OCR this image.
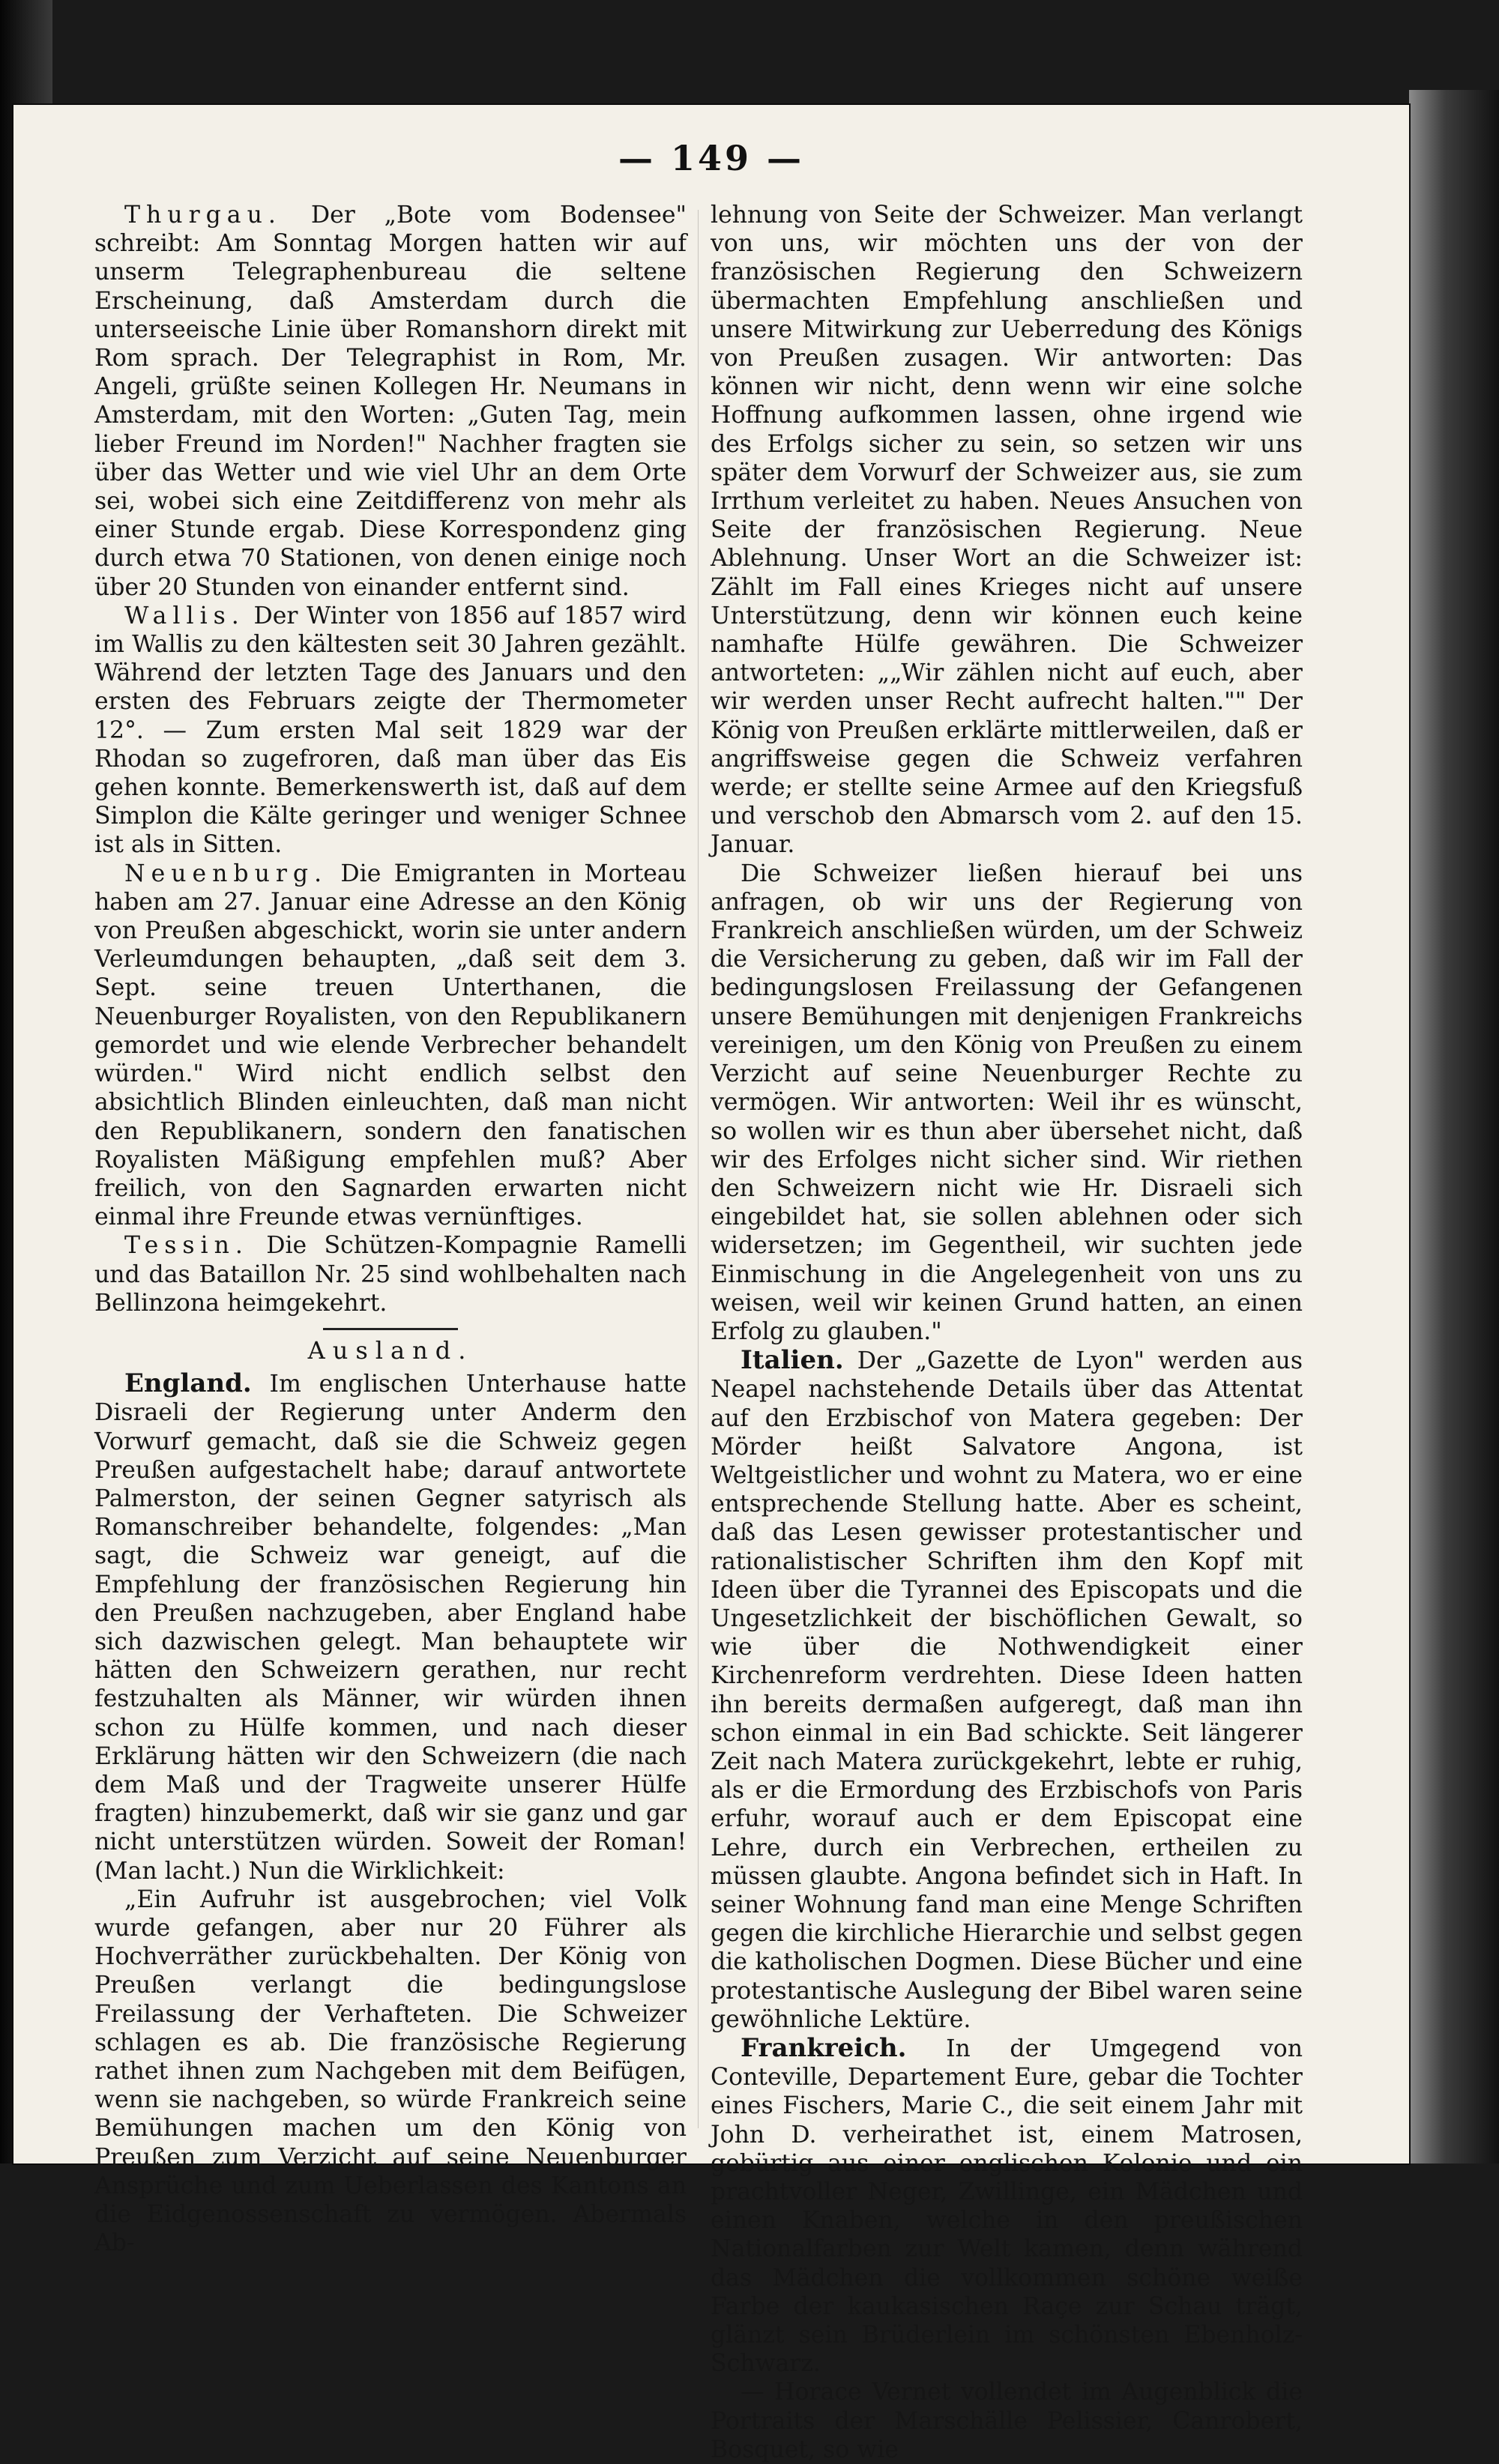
— 149 —

Thurgau. Der „Bote vom Bodensee" schreibt: Am Sonntag Morgen hatten wir auf unserm Telegraphenbureau die seltene Erscheinung, daß Amsterdam durch die unterseeische Linie über Romanshorn direkt mit Rom sprach. Der Telegraphist in Rom, Mr. Angeli, grüßte seinen Kollegen Hr. Neumans in Amsterdam, mit den Worten: „Guten Tag, mein lieber Freund im Norden!" Nachher fragten sie über das Wetter und wie viel Uhr an dem Orte sei, wobei sich eine Zeitdifferenz von mehr als einer Stunde ergab. Diese Korrespondenz ging durch etwa 70 Stationen, von denen einige noch über 20 Stunden von einander entfernt sind.

Wallis. Der Winter von 1856 auf 1857 wird im Wallis zu den kältesten seit 30 Jahren gezählt. Während der letzten Tage des Januars und den ersten des Februars zeigte der Thermometer 12°. — Zum ersten Mal seit 1829 war der Rhodan so zugefroren, daß man über das Eis gehen konnte. Bemerkenswerth ist, daß auf dem Simplon die Kälte geringer und weniger Schnee ist als in Sitten.

Neuenburg. Die Emigranten in Morteau haben am 27. Januar eine Adresse an den König von Preußen abgeschickt, worin sie unter andern Verleumdungen behaupten, „daß seit dem 3. Sept. seine treuen Unterthanen, die Neuenburger Royalisten, von den Republikanern gemordet und wie elende Verbrecher behandelt würden." Wird nicht endlich selbst den absichtlich Blinden einleuchten, daß man nicht den Republikanern, sondern den fanatischen Royalisten Mäßigung empfehlen muß? Aber freilich, von den Sagnarden erwarten nicht einmal ihre Freunde etwas vernünftiges.

Tessin. Die Schützen-Kompagnie Ramelli und das Bataillon Nr. 25 sind wohlbehalten nach Bellinzona heimgekehrt.

Ausland.

England. Im englischen Unterhause hatte Disraeli der Regierung unter Anderm den Vorwurf gemacht, daß sie die Schweiz gegen Preußen aufgestachelt habe; darauf antwortete Palmerston, der seinen Gegner satyrisch als Romanschreiber behandelte, folgendes: „Man sagt, die Schweiz war geneigt, auf die Empfehlung der französischen Regierung hin den Preußen nachzugeben, aber England habe sich dazwischen gelegt. Man behauptete wir hätten den Schweizern gerathen, nur recht festzuhalten als Männer, wir würden ihnen schon zu Hülfe kommen, und nach dieser Erklärung hätten wir den Schweizern (die nach dem Maß und der Tragweite unserer Hülfe fragten) hinzubemerkt, daß wir sie ganz und gar nicht unterstützen würden. Soweit der Roman! (Man lacht.) Nun die Wirklichkeit:

„Ein Aufruhr ist ausgebrochen; viel Volk wurde gefangen, aber nur 20 Führer als Hochverräther zurückbehalten. Der König von Preußen verlangt die bedingungslose Freilassung der Verhafteten. Die Schweizer schlagen es ab. Die französische Regierung rathet ihnen zum Nachgeben mit dem Beifügen, wenn sie nachgeben, so würde Frankreich seine Bemühungen machen um den König von Preußen zum Verzicht auf seine Neuenburger Ansprüche und zum Ueberlassen des Kantons an die Eidgenossenschaft zu vermögen. Abermals Ab-

lehnung von Seite der Schweizer. Man verlangt von uns, wir möchten uns der von der französischen Regierung den Schweizern übermachten Empfehlung anschließen und unsere Mitwirkung zur Ueberredung des Königs von Preußen zusagen. Wir antworten: Das können wir nicht, denn wenn wir eine solche Hoffnung aufkommen lassen, ohne irgend wie des Erfolgs sicher zu sein, so setzen wir uns später dem Vorwurf der Schweizer aus, sie zum Irrthum verleitet zu haben. Neues Ansuchen von Seite der französischen Regierung. Neue Ablehnung. Unser Wort an die Schweizer ist: Zählt im Fall eines Krieges nicht auf unsere Unterstützung, denn wir können euch keine namhafte Hülfe gewähren. Die Schweizer antworteten: „„Wir zählen nicht auf euch, aber wir werden unser Recht aufrecht halten."" Der König von Preußen erklärte mittlerweilen, daß er angriffsweise gegen die Schweiz verfahren werde; er stellte seine Armee auf den Kriegsfuß und verschob den Abmarsch vom 2. auf den 15. Januar.

Die Schweizer ließen hierauf bei uns anfragen, ob wir uns der Regierung von Frankreich anschließen würden, um der Schweiz die Versicherung zu geben, daß wir im Fall der bedingungslosen Freilassung der Gefangenen unsere Bemühungen mit denjenigen Frankreichs vereinigen, um den König von Preußen zu einem Verzicht auf seine Neuenburger Rechte zu vermögen. Wir antworten: Weil ihr es wünscht, so wollen wir es thun aber übersehet nicht, daß wir des Erfolges nicht sicher sind. Wir riethen den Schweizern nicht wie Hr. Disraeli sich eingebildet hat, sie sollen ablehnen oder sich widersetzen; im Gegentheil, wir suchten jede Einmischung in die Angelegenheit von uns zu weisen, weil wir keinen Grund hatten, an einen Erfolg zu glauben."

Italien. Der „Gazette de Lyon" werden aus Neapel nachstehende Details über das Attentat auf den Erzbischof von Matera gegeben: Der Mörder heißt Salvatore Angona, ist Weltgeistlicher und wohnt zu Matera, wo er eine entsprechende Stellung hatte. Aber es scheint, daß das Lesen gewisser protestantischer und rationalistischer Schriften ihm den Kopf mit Ideen über die Tyrannei des Episcopats und die Ungesetzlichkeit der bischöflichen Gewalt, so wie über die Nothwendigkeit einer Kirchenreform verdrehten. Diese Ideen hatten ihn bereits dermaßen aufgeregt, daß man ihn schon einmal in ein Bad schickte. Seit längerer Zeit nach Matera zurückgekehrt, lebte er ruhig, als er die Ermordung des Erzbischofs von Paris erfuhr, worauf auch er dem Episcopat eine Lehre, durch ein Verbrechen, ertheilen zu müssen glaubte. Angona befindet sich in Haft. In seiner Wohnung fand man eine Menge Schriften gegen die kirchliche Hierarchie und selbst gegen die katholischen Dogmen. Diese Bücher und eine protestantische Auslegung der Bibel waren seine gewöhnliche Lektüre.

Frankreich. In der Umgegend von Conteville, Departement Eure, gebar die Tochter eines Fischers, Marie C., die seit einem Jahr mit John D. verheirathet ist, einem Matrosen, gebürtig aus einer englischen Kolonie und ein prachtvoller Neger, Zwillinge, ein Mädchen und einen Knaben, welche in den preußischen Nationalfarben zur Welt kamen, denn während das Mädchen die vollkommen schöne weiße Farbe der kaukasischen Raçe zur Schau trägt, glänzt sein Brüderlein im schönsten Ebenholz-Schwarz.

— Horace Vernet vollendet im Augenblick die Portraits der Marschälle Pelissier, Canrobert, Bosquet, so wie
